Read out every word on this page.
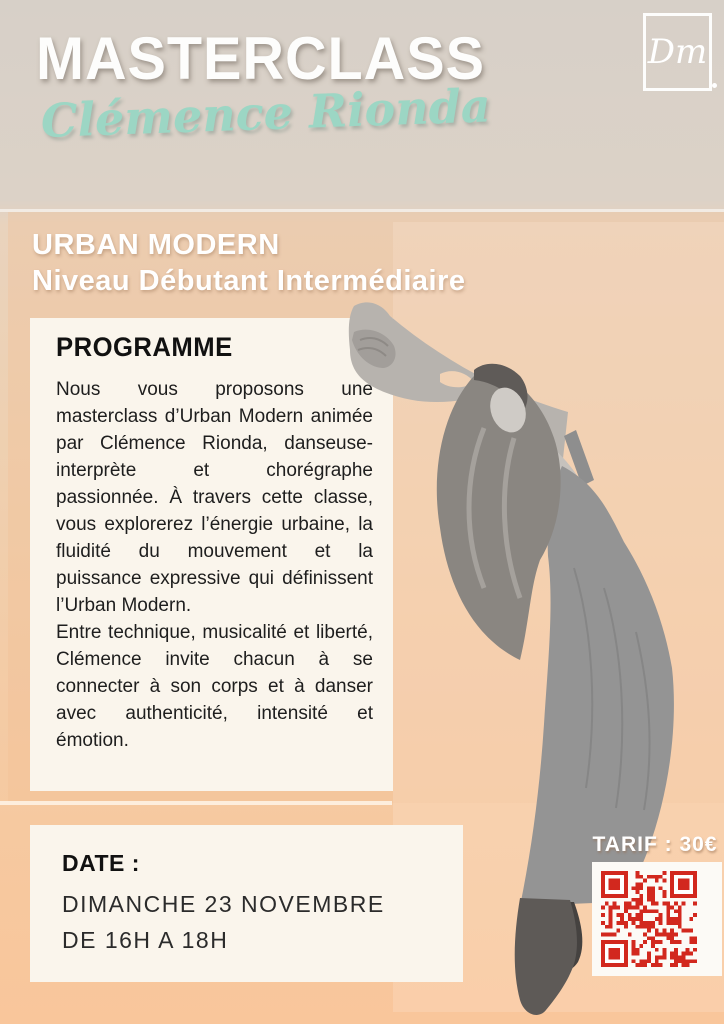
MASTERCLASS
Clémence Rionda
Dm
URBAN MODERN
Niveau Débutant Intermédiaire
PROGRAMME

Nous vous proposons une masterclass d’Urban Modern animée par Clémence Rionda, danseuse-interprète et chorégraphe passionnée. À travers cette classe, vous explorerez l’énergie urbaine, la fluidité du mouvement et la puissance expressive qui définissent l’Urban Modern.

Entre technique, musicalité et liberté, Clémence invite chacun à se connecter à son corps et à danser avec authenticité, intensité et émotion.

DATE :
DIMANCHE 23 NOVEMBRE
DE 16H A 18H
TARIF : 30€
